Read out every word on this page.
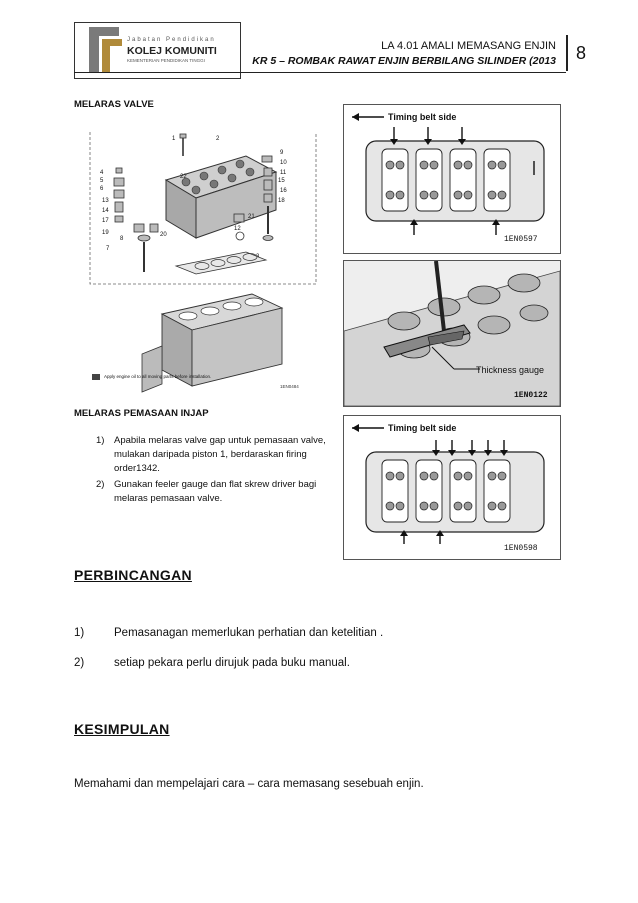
Jabatan Pendidikan
KOLEJ KOMUNITI
KEMENTERIAN PENDIDIKAN TINGGI
LA 4.01 AMALI MEMASANG ENJIN
KR 5 – ROMBAK RAWAT ENJIN BERBILANG SILINDER (2013	8
MELARAS VALVE
1	2
4
5
6
7
8
9
10
11
12
13
14
15
16
17
18
19	20
21
22
Apply engine oil to all moving parts before installation.
1EN0484
MELARAS PEMASAAN INJAP
1) Apabila melaras valve gap untuk pemasaan valve, mulakan daripada piston 1, berdaraskan firing order1342.
2) Gunakan feeler gauge dan flat skrew driver bagi melaras pemasaan valve.
1EN0597
Timing belt side
1EN0122
Thickness gauge
1EN0598
Timing belt side
PERBINCANGAN
1)	Pemasanagan memerlukan perhatian dan ketelitian .
2)	setiap pekara perlu dirujuk pada buku manual.
KESIMPULAN
Memahami dan mempelajari cara – cara memasang sesebuah enjin.
